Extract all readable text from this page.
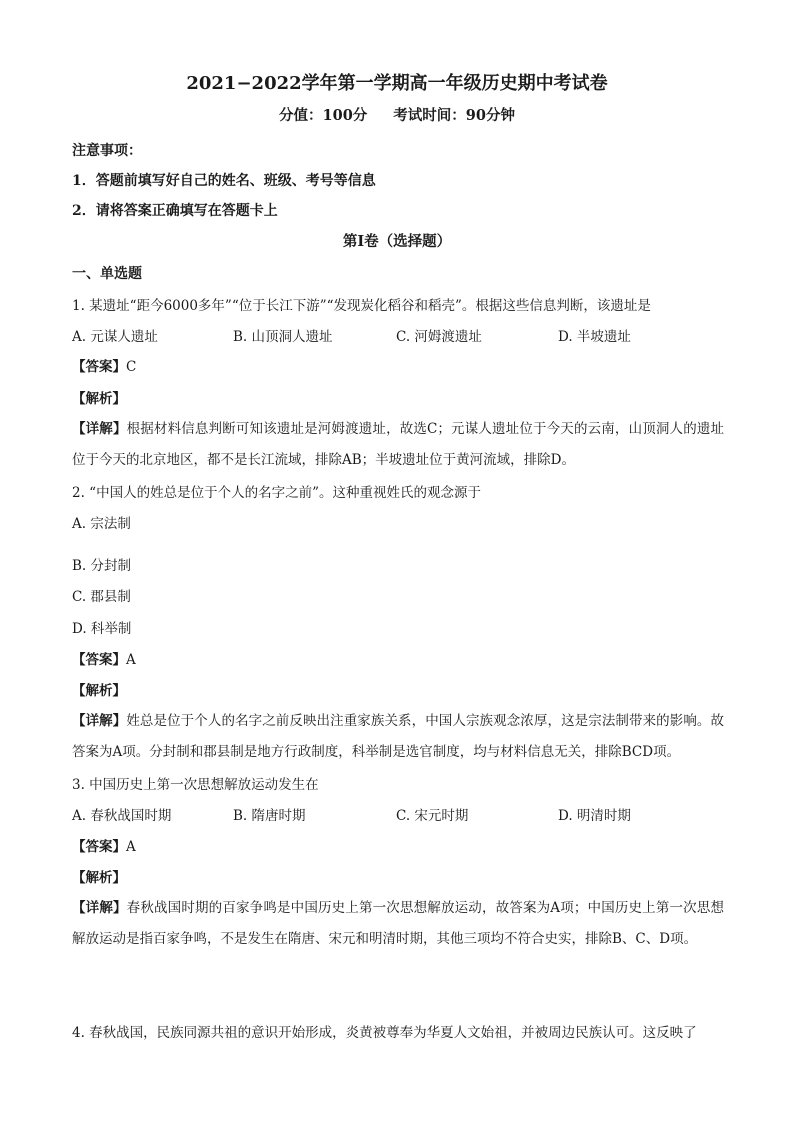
2021−2022学年第一学期高一年级历史期中考试卷
分值：100分 考试时间：90分钟
注意事项：
1．答题前填写好自己的姓名、班级、考号等信息
2．请将答案正确填写在答题卡上
第I卷（选择题）
一、单选题
1. 某遗址“距今6000多年”“位于长江下游”“发现炭化稻谷和稻壳”。根据这些信息判断，该遗址是
A. 元谋人遗址	B. 山顶洞人遗址	C. 河姆渡遗址	D. 半坡遗址
【答案】C
【解析】
【详解】根据材料信息判断可知该遗址是河姆渡遗址，故选C；元谋人遗址位于今天的云南，山顶洞人的遗址位于今天的北京地区，都不是长江流域，排除AB；半坡遗址位于黄河流域，排除D。
2. “中国人的姓总是位于个人的名字之前”。这种重视姓氏的观念源于
A. 宗法制
B. 分封制
C. 郡县制
D. 科举制
【答案】A
【解析】
【详解】姓总是位于个人的名字之前反映出注重家族关系，中国人宗族观念浓厚，这是宗法制带来的影响。故答案为A项。分封制和郡县制是地方行政制度，科举制是选官制度，均与材料信息无关，排除BCD项。
3. 中国历史上第一次思想解放运动发生在
A. 春秋战国时期	B. 隋唐时期	C. 宋元时期	D. 明清时期
【答案】A
【解析】
【详解】春秋战国时期的百家争鸣是中国历史上第一次思想解放运动，故答案为A项；中国历史上第一次思想解放运动是指百家争鸣，不是发生在隋唐、宋元和明清时期，其他三项均不符合史实，排除B、C、D项。
4. 春秋战国，民族同源共祖的意识开始形成，炎黄被尊奉为华夏人文始祖，并被周边民族认可。这反映了
